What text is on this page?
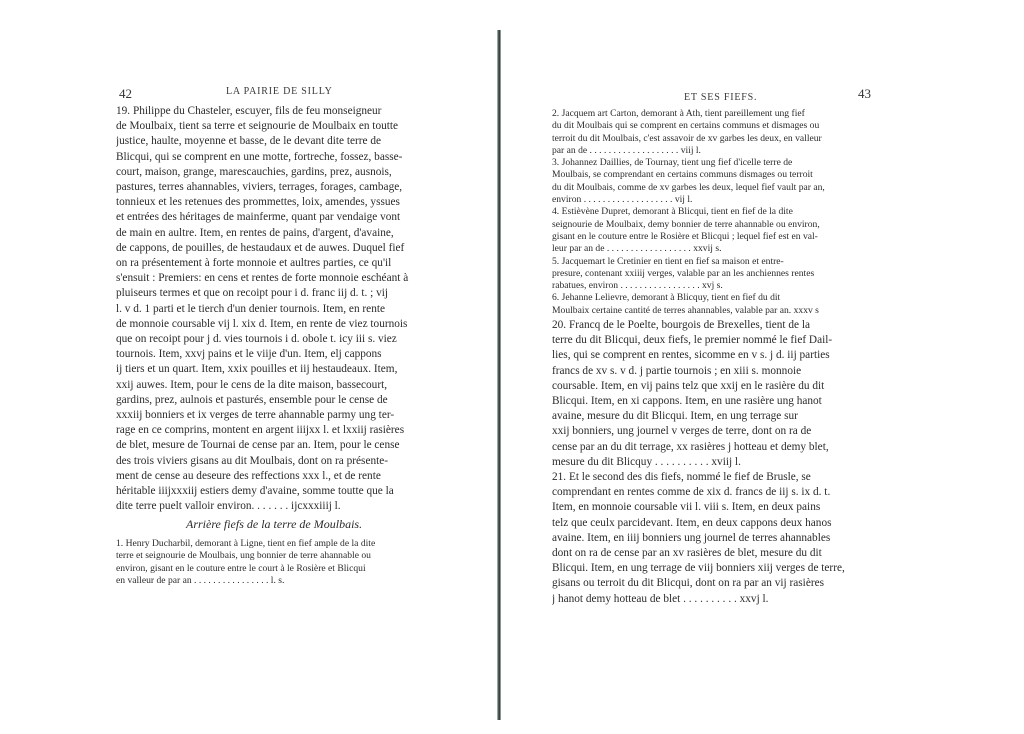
42	LA PAIRIE DE SILLY
19. Philippe du Chasteler, escuyer, fils de feu monseigneur
de Moulbaix, tient sa terre et seignourie de Moulbaix en toutte
justice, haulte, moyenne et basse, de le devant dite terre de
Blicqui, qui se comprent en une motte, fortreche, fossez, basse-
court, maison, grange, marescauchies, gardins, prez, ausnois,
pastures, terres ahannables, viviers, terrages, forages, cambage,
tonnieux et les retenues des prommettes, loix, amendes, yssues
et entrées des héritages de mainferme, quant par vendaige vont
de main en aultre. Item, en rentes de pains, d'argent, d'avaine,
de cappons, de pouilles, de hestaudaux et de auwes. Duquel fief
on ra présentement à forte monnoie et aultres parties, ce qu'il
s'ensuit : Premiers: en cens et rentes de forte monnoie eschéant à
pluiseurs termes et que on recoipt pour i d. franc iij d. t. ; vij
l. v d. 1 parti et le tierch d'un denier tournois. Item, en rente
de monnoie coursable vij l. xix d. Item, en rente de viez tournois
que on recoipt pour j d. vies tournois i d. obole t. icy iii s. viez
tournois. Item, xxvj pains et le viije d'un. Item, elj cappons
ij tiers et un quart. Item, xxix pouilles et iij hestaudeaux. Item,
xxij auwes. Item, pour le cens de la dite maison, bassecourt,
gardins, prez, aulnois et pasturés, ensemble pour le cense de
xxxiij bonniers et ix verges de terre ahannable parmy ung ter-
rage en ce comprins, montent en argent iiijxx l. et lxxiij rasières
de blet, mesure de Tournai de cense par an. Item, pour le cense
des trois viviers gisans au dit Moulbais, dont on ra présente-
ment de cense au deseure des reffections xxx l., et de rente
héritable iiijxxxiij estiers demy d'avaine, somme toutte que la
dite terre puelt valloir environ. . . . . . . ijcxxxiiij l.
Arrière fiefs de la terre de Moulbais.
1. Henry Ducharbil, demorant à Ligne, tient en fief ample de la dite
terre et seignourie de Moulbais, ung bonnier de terre ahannable ou
environ, gisant en le couture entre le court à le Rosière et Blicqui
en valleur de par an . . . . . . . . . . . . . . . . l. s.
ET SES FIEFS.	43
2. Jacquem art Carton, demorant à Ath, tient pareillement ung fief
du dit Moulbais qui se comprent en certains communs et dismages ou
terroit du dit Moulbais, c'est assavoir de xv garbes les deux, en valleur
par an de . . . . . . . . . . . . . . . . . . . viij l.
3. Johannez Daillies, de Tournay, tient ung fief d'icelle terre de
Moulbais, se comprendant en certains communs dismages ou terroit
du dit Moulbais, comme de xv garbes les deux, lequel fief vault par an,
environ . . . . . . . . . . . . . . . . . . . vij l.
4. Estièvène Dupret, demorant à Blicqui, tient en fief de la dite
seignourie de Moulbaix, demy bonnier de terre ahannable ou environ,
gisant en le couture entre le Rosière et Blicqui ; lequel fief est en val-
leur par an de . . . . . . . . . . . . . . . . . . xxvij s.
5. Jacquemart le Cretinier en tient en fief sa maison et entre-
presure, contenant xxiiij verges, valable par an les anchiennes rentes
rabatues, environ . . . . . . . . . . . . . . . . . xvj s.
6. Jehanne Lelievre, demorant à Blicquy, tient en fief du dit
Moulbaix certaine cantité de terres ahannables, valable par an. xxxv s
20. Francq de le Poelte, bourgois de Brexelles, tient de la
terre du dit Blicqui, deux fiefs, le premier nommé le fief Dail-
lies, qui se comprent en rentes, sicomme en v s. j d. iij parties
francs de xv s. v d. j partie tournois ; en xiii s. monnoie
coursable. Item, en vij pains telz que xxij en le rasière du dit
Blicqui. Item, en xi cappons. Item, en une rasière ung hanot
avaine, mesure du dit Blicqui. Item, en ung terrage sur
xxij bonniers, ung journel v verges de terre, dont on ra de
cense par an du dit terrage, xx rasières j hotteau et demy blet,
mesure du dit Blicquy . . . . . . . . . . xviij l.
21. Et le second des dis fiefs, nommé le fief de Brusle, se
comprendant en rentes comme de xix d. francs de iij s. ix d. t.
Item, en monnoie coursable vii l. viii s. Item, en deux pains
telz que ceulx parcidevant. Item, en deux cappons deux hanos
avaine. Item, en iiij bonniers ung journel de terres ahannables
dont on ra de cense par an xv rasières de blet, mesure du dit
Blicqui. Item, en ung terrage de viij bonniers xiij verges de terre,
gisans ou terroit du dit Blicqui, dont on ra par an vij rasières
j hanot demy hotteau de blet . . . . . . . . . . xxvj l.
